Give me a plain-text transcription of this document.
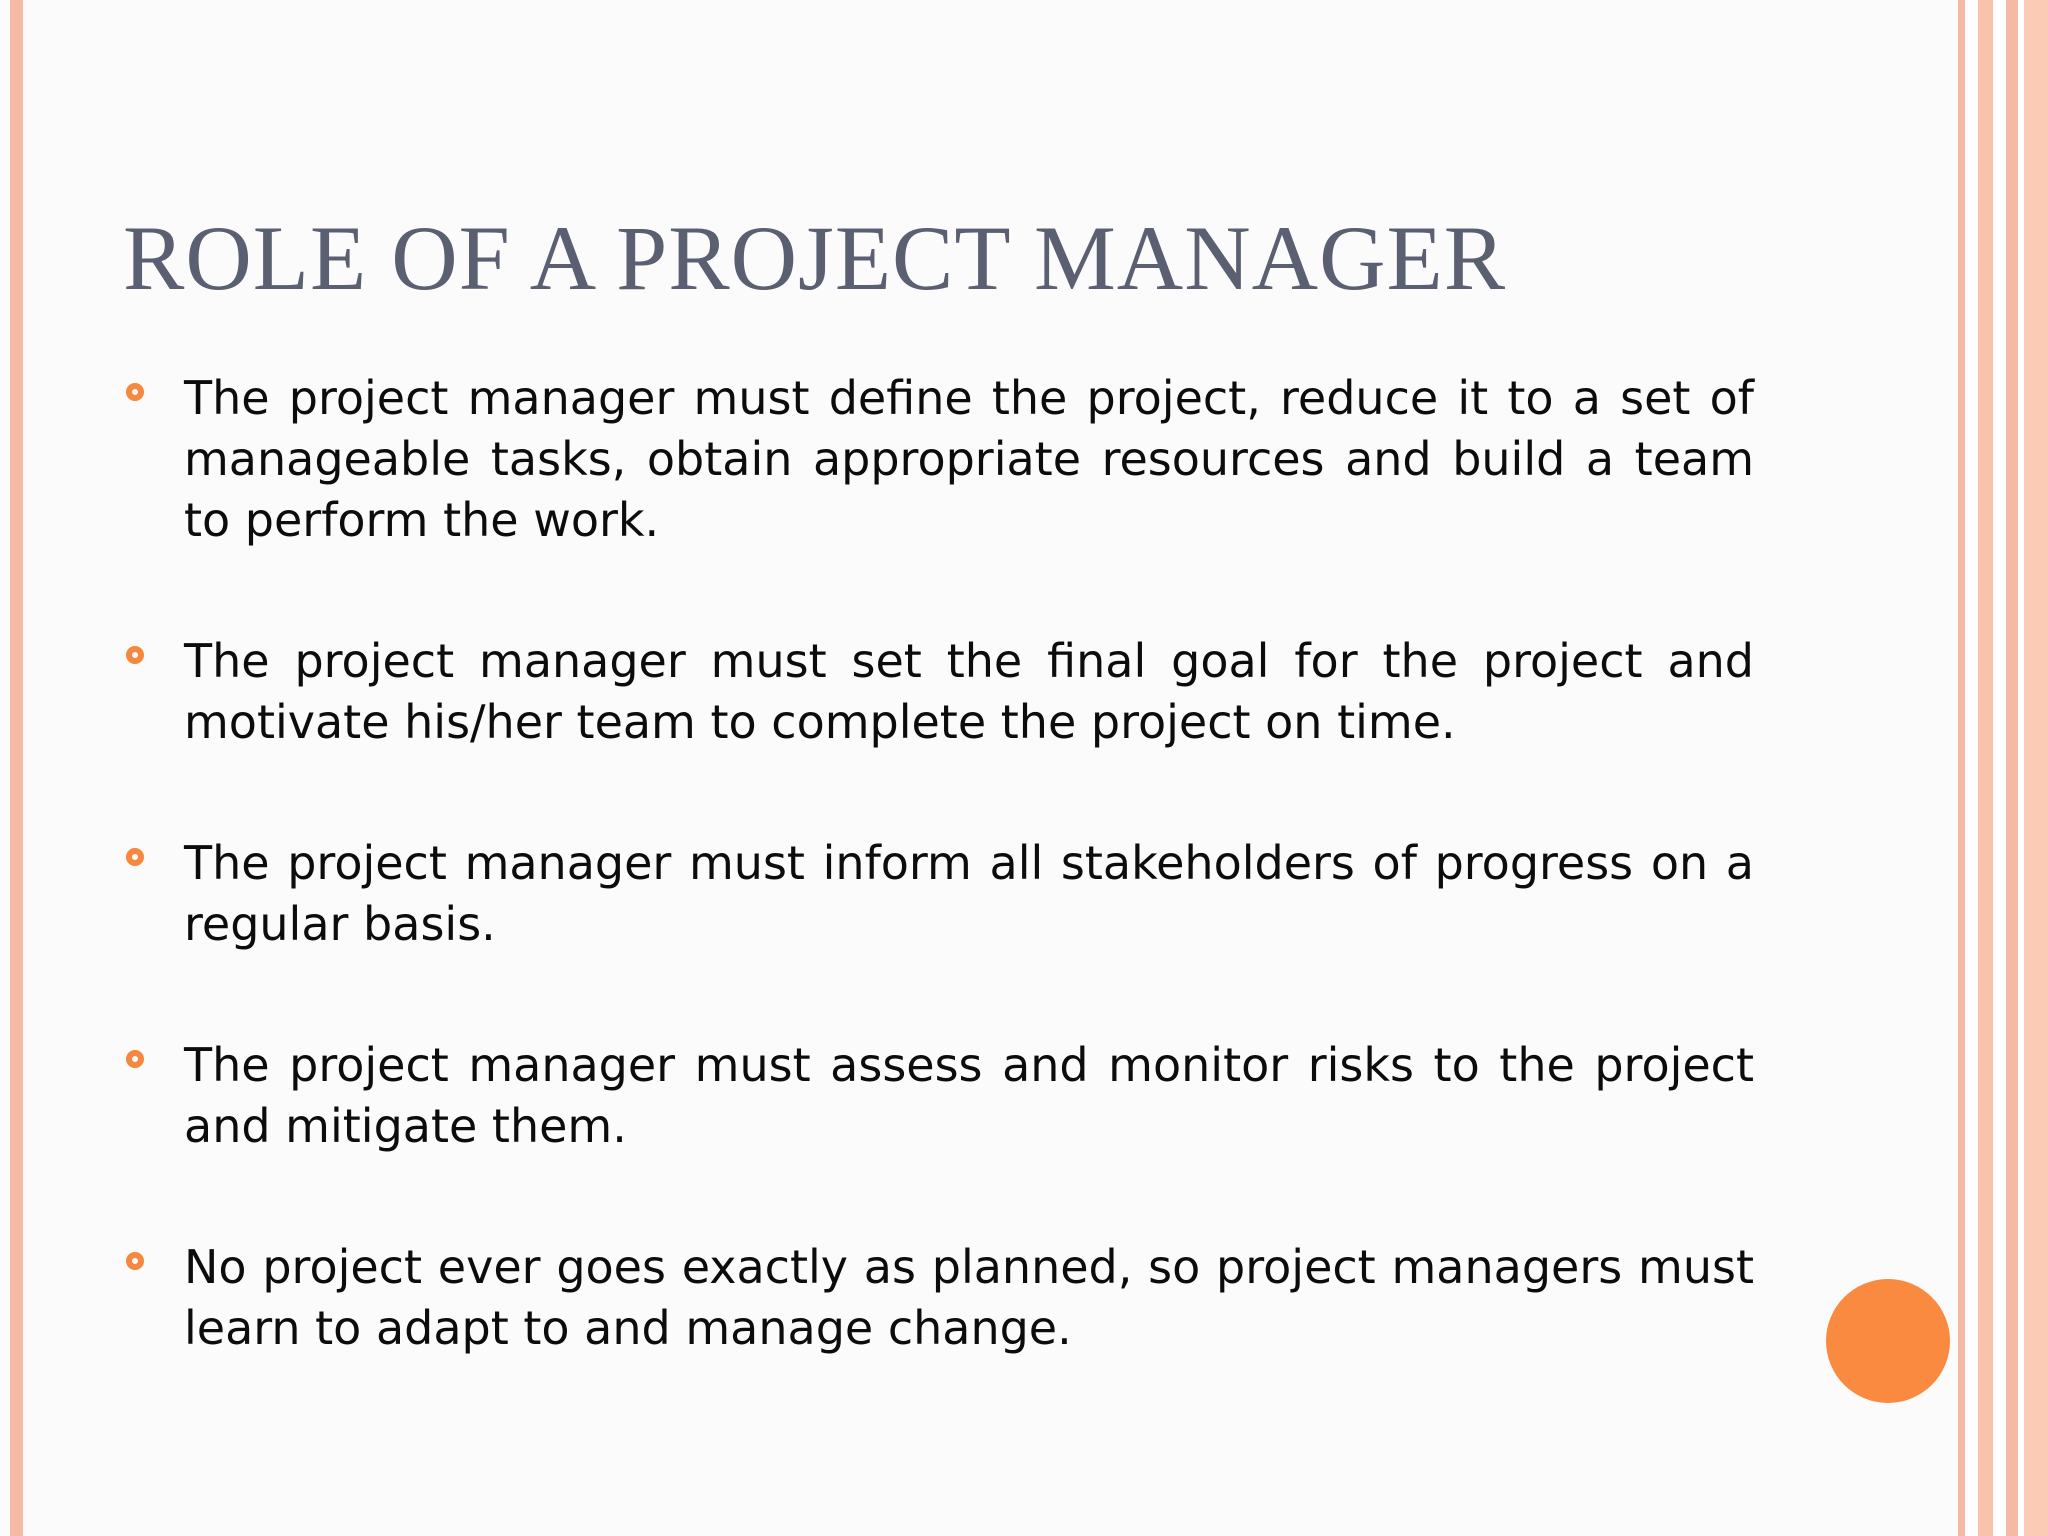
ROLE OF A PROJECT MANAGER
The project manager must define the project, reduce it to a set of manageable tasks, obtain appropriate resources and build a team to perform the work.
The project manager must set the final goal for the project and motivate his/her team to complete the project on time.
The project manager must inform all stakeholders of progress on a regular basis.
The project manager must assess and monitor risks to the project and mitigate them.
No project ever goes exactly as planned, so project managers must learn to adapt to and manage change.
